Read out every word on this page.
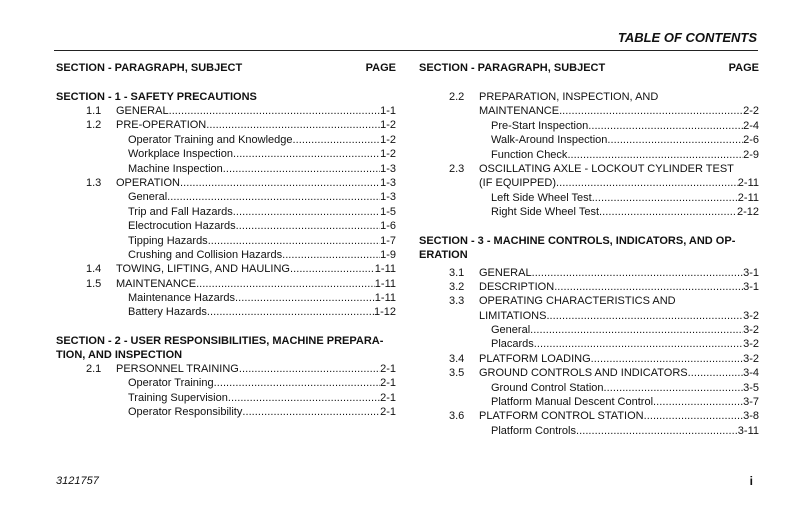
TABLE OF CONTENTS
SECTION - PARAGRAPH, SUBJECT	PAGE
SECTION - 1 - SAFETY PRECAUTIONS
1.1 GENERAL . . .	1-1
1.2 PRE-OPERATION . . .	1-2
Operator Training and Knowledge . . .	1-2
Workplace Inspection . . .	1-2
Machine Inspection . . .	1-3
1.3 OPERATION . . .	1-3
General . . .	1-3
Trip and Fall Hazards . . .	1-5
Electrocution Hazards . . .	1-6
Tipping Hazards . . .	1-7
Crushing and Collision Hazards . . .	1-9
1.4 TOWING, LIFTING, AND HAULING . . .	1-11
1.5 MAINTENANCE . . .	1-11
Maintenance Hazards . . .	1-11
Battery Hazards . . .	1-12
SECTION - 2 - USER RESPONSIBILITIES, MACHINE PREPARA-
TION, AND INSPECTION
2.1 PERSONNEL TRAINING . . .	2-1
Operator Training . . .	2-1
Training Supervision . . .	2-1
Operator Responsibility . . .	2-1
SECTION - PARAGRAPH, SUBJECT	PAGE
2.2 PREPARATION, INSPECTION, AND
MAINTENANCE . . .	2-2
Pre-Start Inspection . . .	2-4
Walk-Around Inspection . . .	2-6
Function Check . . .	2-9
2.3 OSCILLATING AXLE - LOCKOUT CYLINDER TEST
(IF EQUIPPED) . . .	2-11
Left Side Wheel Test . . .	2-11
Right Side Wheel Test . . .	2-12
SECTION - 3 - MACHINE CONTROLS, INDICATORS, AND OP-
ERATION
3.1 GENERAL . . .	3-1
3.2 DESCRIPTION . . .	3-1
3.3 OPERATING CHARACTERISTICS AND
LIMITATIONS . . .	3-2
General . . .	3-2
Placards . . .	3-2
3.4 PLATFORM LOADING . . .	3-2
3.5 GROUND CONTROLS AND INDICATORS . . .	3-4
Ground Control Station . . .	3-5
Platform Manual Descent Control . . .	3-7
3.6 PLATFORM CONTROL STATION . . .	3-8
Platform Controls . . .	3-11
3121757	i
